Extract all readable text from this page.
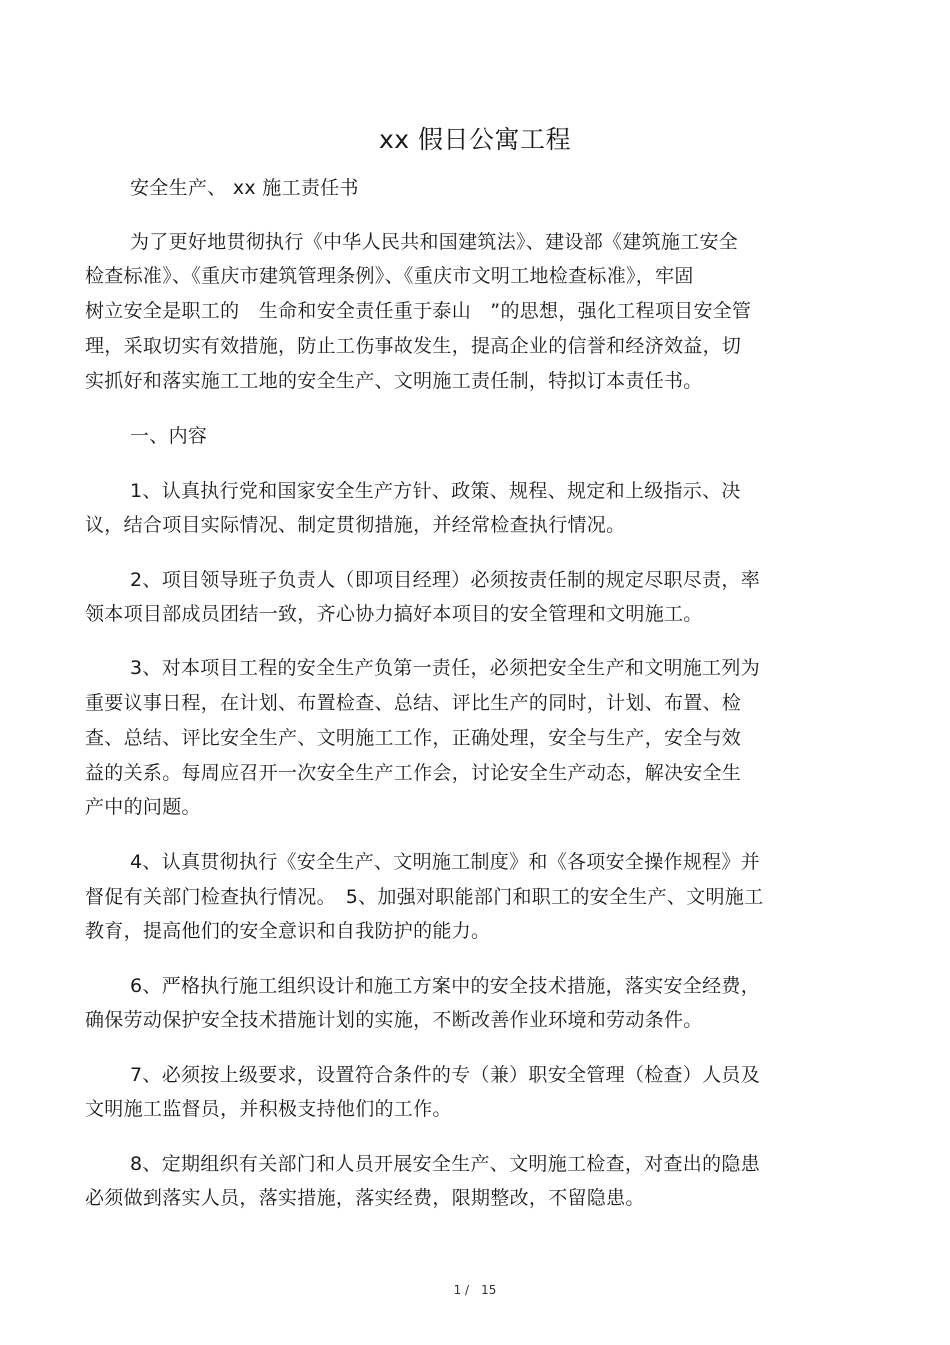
xx 假日公寓工程
安全生产、 xx 施工责任书
为了更好地贯彻执行《中华人民共和国建筑法》、建设部《建筑施工安全
检查标准》、《重庆市建筑管理条例》、《重庆市文明工地检查标准》，牢固
树立安全是职工的　生命和安全责任重于泰山　”的思想，强化工程项目安全管
理，采取切实有效措施，防止工伤事故发生，提高企业的信誉和经济效益，切
实抓好和落实施工工地的安全生产、文明施工责任制，特拟订本责任书。
一、内容
1、认真执行党和国家安全生产方针、政策、规程、规定和上级指示、决
议，结合项目实际情况、制定贯彻措施，并经常检查执行情况。
2、项目领导班子负责人（即项目经理）必须按责任制的规定尽职尽责，率
领本项目部成员团结一致，齐心协力搞好本项目的安全管理和文明施工。
3、对本项目工程的安全生产负第一责任，必须把安全生产和文明施工列为
重要议事日程，在计划、布置检查、总结、评比生产的同时，计划、布置、检
查、总结、评比安全生产、文明施工工作，正确处理，安全与生产，安全与效
益的关系。每周应召开一次安全生产工作会，讨论安全生产动态，解决安全生
产中的问题。
4、认真贯彻执行《安全生产、文明施工制度》和《各项安全操作规程》并
督促有关部门检查执行情况。　5、加强对职能部门和职工的安全生产、文明施工
教育，提高他们的安全意识和自我防护的能力。
6、严格执行施工组织设计和施工方案中的安全技术措施，落实安全经费，
确保劳动保护安全技术措施计划的实施，不断改善作业环境和劳动条件。
7、必须按上级要求，设置符合条件的专（兼）职安全管理（检查）人员及
文明施工监督员，并积极支持他们的工作。
8、定期组织有关部门和人员开展安全生产、文明施工检查，对查出的隐患
必须做到落实人员，落实措施，落实经费，限期整改，不留隐患。
1 /　15
